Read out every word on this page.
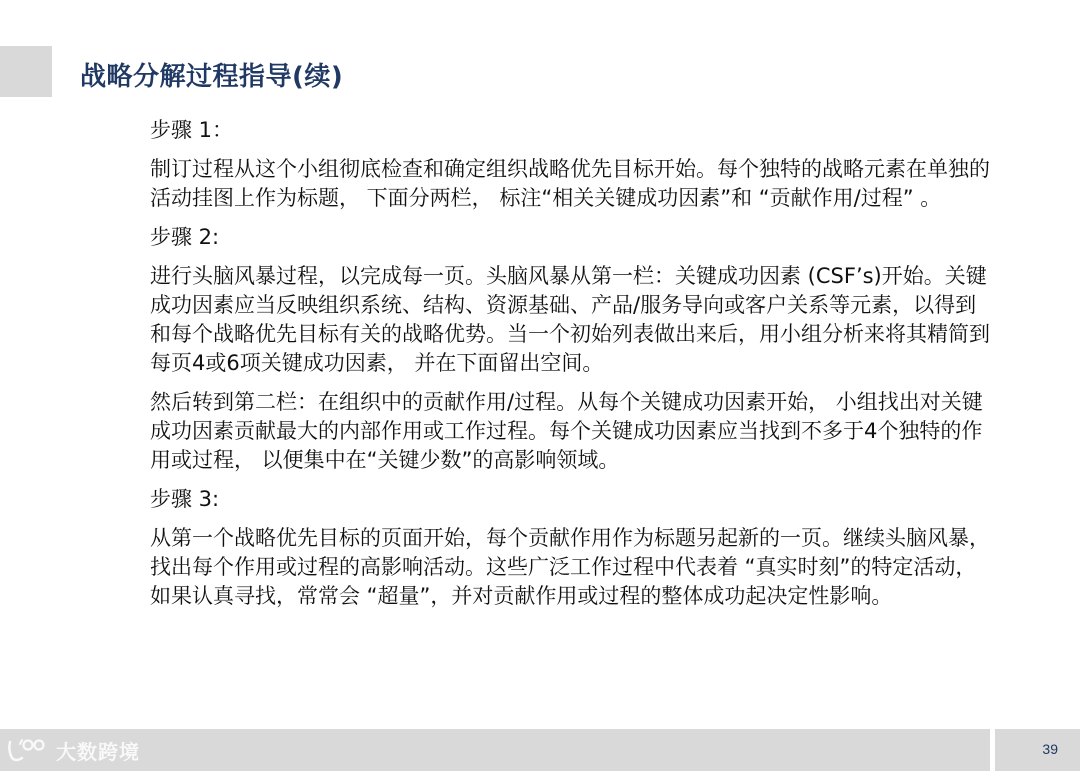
战略分解过程指导(续)
步骤 1：
制订过程从这个小组彻底检查和确定组织战略优先目标开始。每个独特的战略元素在单独的活动挂图上作为标题， 下面分两栏， 标注“相关关键成功因素”和 “贡献作用/过程” 。
步骤 2:
进行头脑风暴过程，以完成每一页。头脑风暴从第一栏：关键成功因素 (CSF’s)开始。关键成功因素应当反映组织系统、结构、资源基础、产品/服务导向或客户关系等元素，以得到和每个战略优先目标有关的战略优势。当一个初始列表做出来后，用小组分析来将其精简到每页4或6项关键成功因素， 并在下面留出空间。
然后转到第二栏：在组织中的贡献作用/过程。从每个关键成功因素开始， 小组找出对关键成功因素贡献最大的内部作用或工作过程。每个关键成功因素应当找到不多于4个独特的作用或过程， 以便集中在“关键少数”的高影响领域。
步骤 3:
从第一个战略优先目标的页面开始，每个贡献作用作为标题另起新的一页。继续头脑风暴，找出每个作用或过程的高影响活动。这些广泛工作过程中代表着 “真实时刻”的特定活动，如果认真寻找，常常会 “超量”，并对贡献作用或过程的整体成功起决定性影响。
39
大数跨境
